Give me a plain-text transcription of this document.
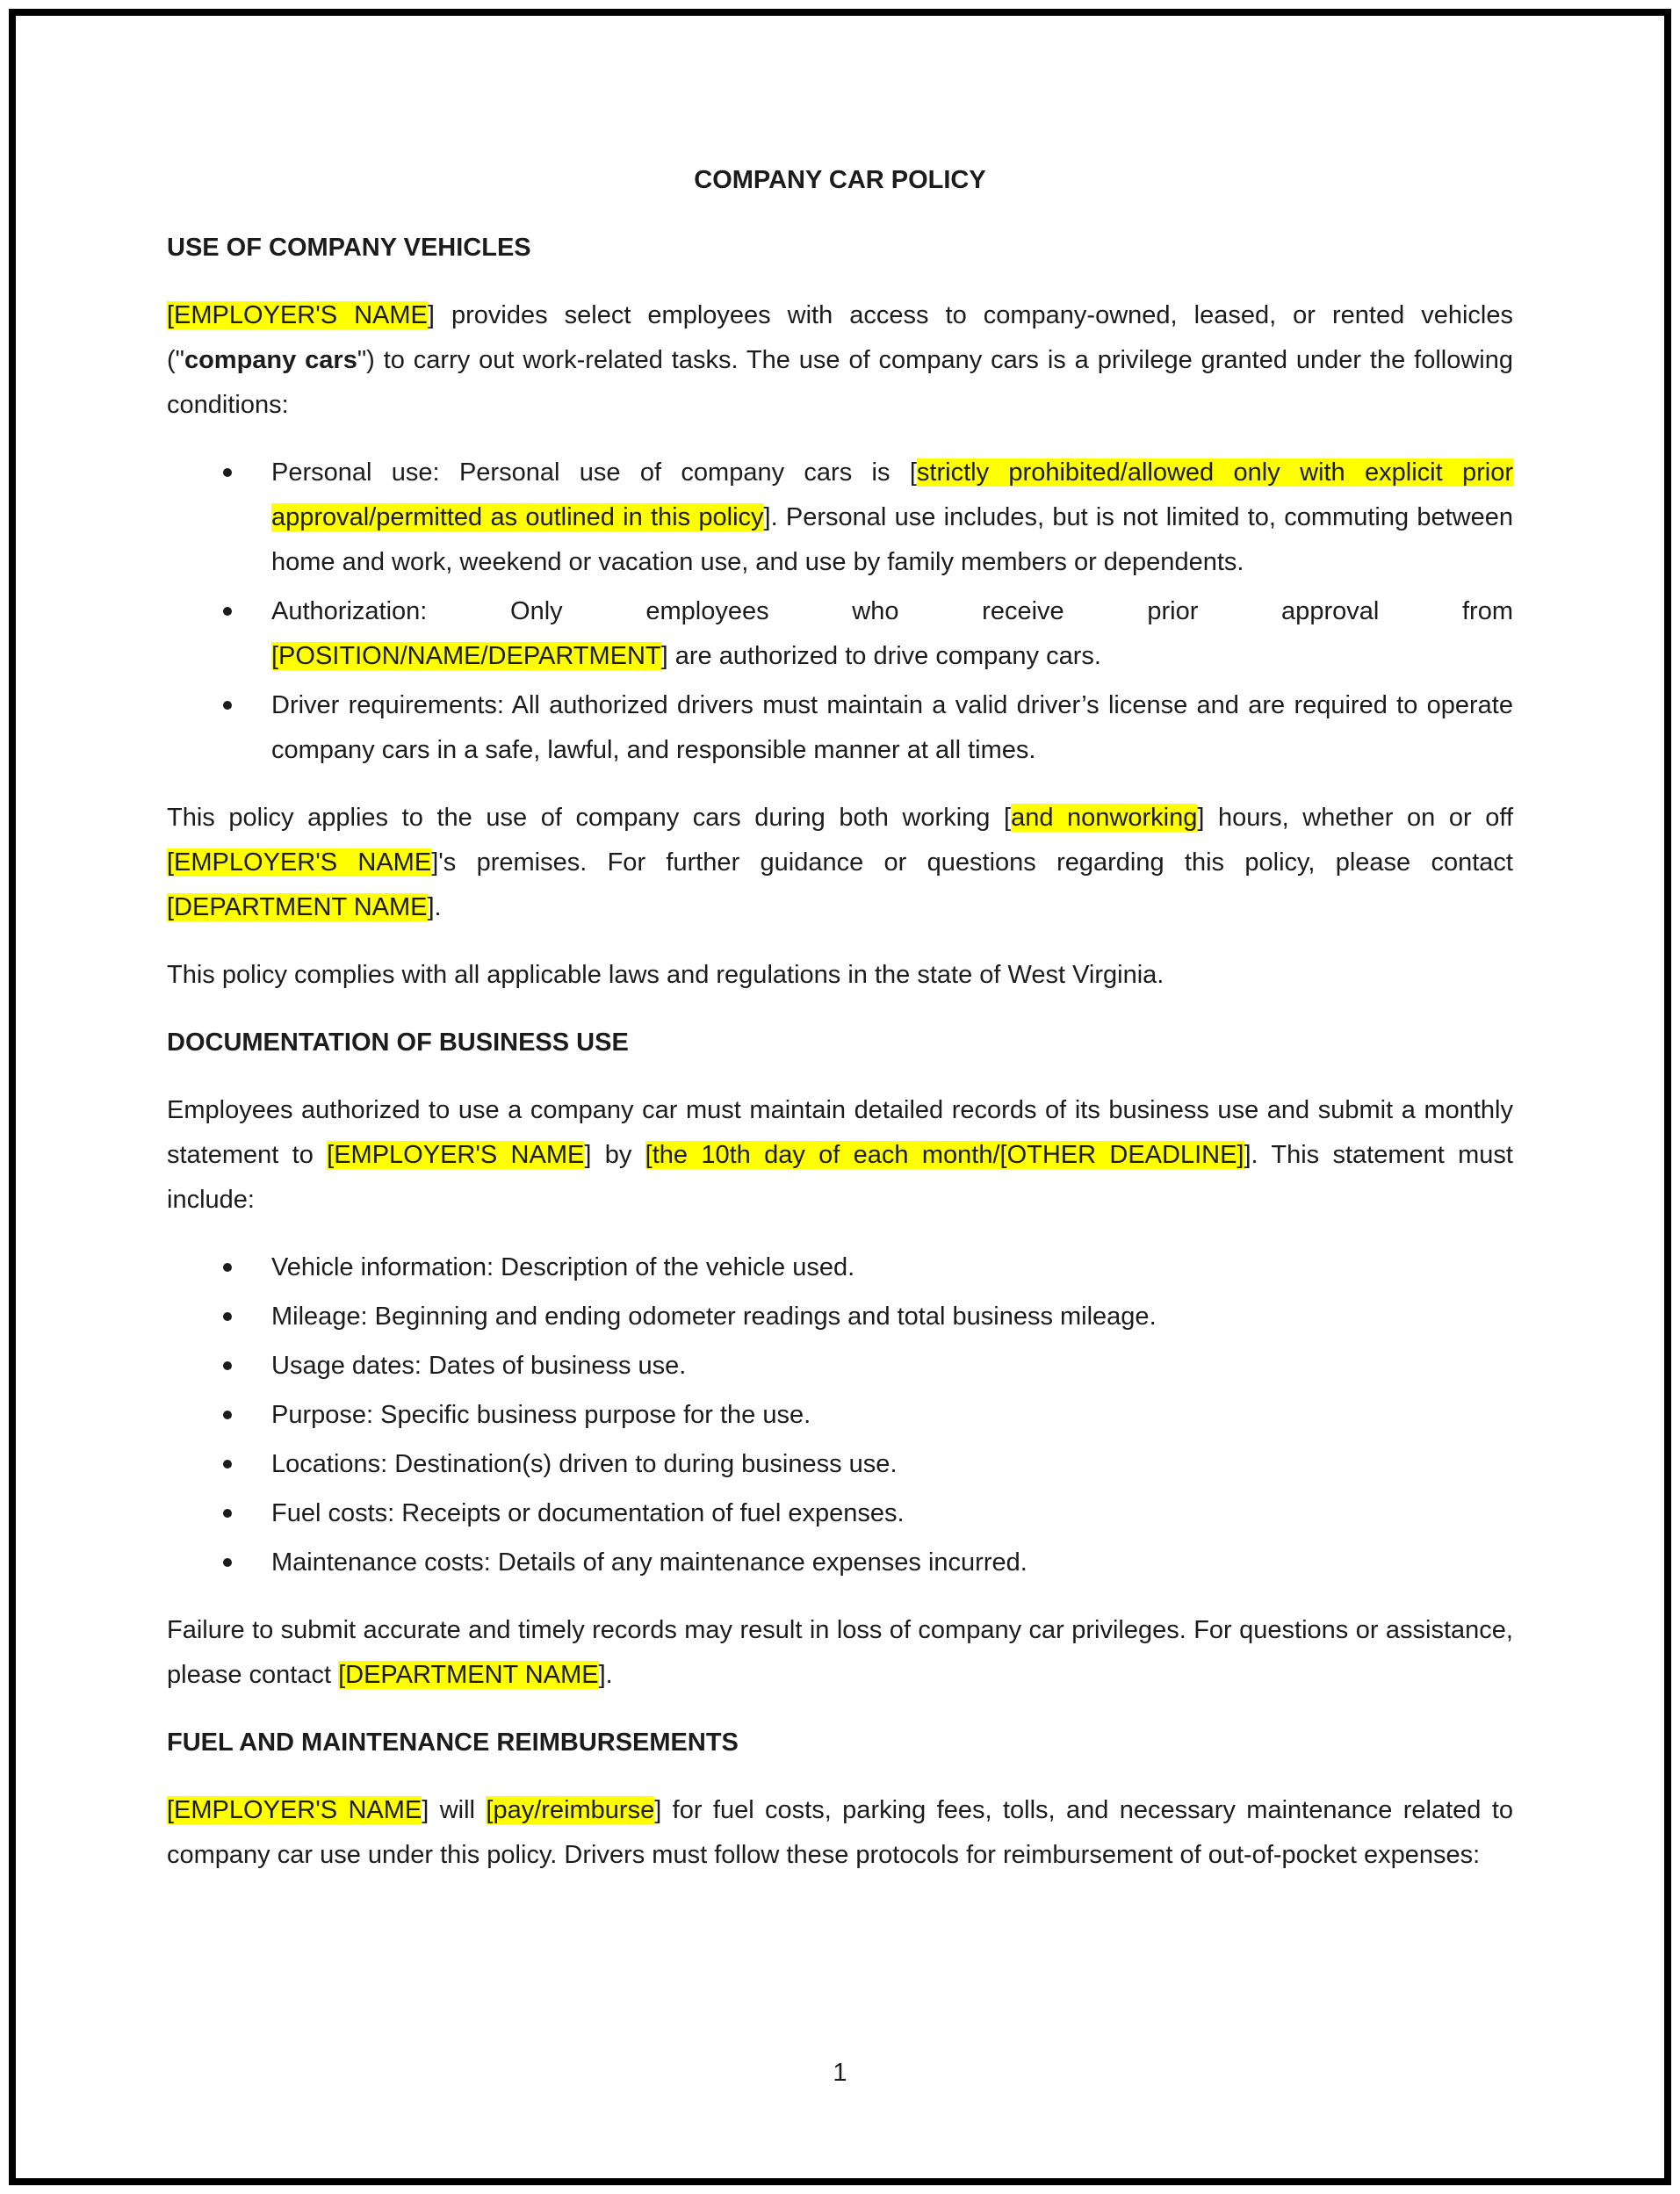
COMPANY CAR POLICY
USE OF COMPANY VEHICLES

[EMPLOYER'S NAME] provides select employees with access to company-owned, leased, or rented vehicles ("company cars") to carry out work-related tasks. The use of company cars is a privilege granted under the following conditions:

Personal use: Personal use of company cars is [strictly prohibited/allowed only with explicit prior approval/permitted as outlined in this policy]. Personal use includes, but is not limited to, commuting between home and work, weekend or vacation use, and use by family members or dependents.
Authorization: Only employees who receive prior approval from
[POSITION/NAME/DEPARTMENT] are authorized to drive company cars.
Driver requirements: All authorized drivers must maintain a valid driver’s license and are required to operate company cars in a safe, lawful, and responsible manner at all times.

This policy applies to the use of company cars during both working [and nonworking] hours, whether on or off [EMPLOYER'S NAME]'s premises. For further guidance or questions regarding this policy, please contact [DEPARTMENT NAME].

This policy complies with all applicable laws and regulations in the state of West Virginia.

DOCUMENTATION OF BUSINESS USE

Employees authorized to use a company car must maintain detailed records of its business use and submit a monthly statement to [EMPLOYER'S NAME] by [the 10th day of each month/[OTHER DEADLINE]]. This statement must include:

Vehicle information: Description of the vehicle used.
Mileage: Beginning and ending odometer readings and total business mileage.
Usage dates: Dates of business use.
Purpose: Specific business purpose for the use.
Locations: Destination(s) driven to during business use.
Fuel costs: Receipts or documentation of fuel expenses.
Maintenance costs: Details of any maintenance expenses incurred.

Failure to submit accurate and timely records may result in loss of company car privileges. For questions or assistance, please contact [DEPARTMENT NAME].

FUEL AND MAINTENANCE REIMBURSEMENTS

[EMPLOYER'S NAME] will [pay/reimburse] for fuel costs, parking fees, tolls, and necessary maintenance related to company car use under this policy. Drivers must follow these protocols for reimbursement of out-of-pocket expenses:

1
